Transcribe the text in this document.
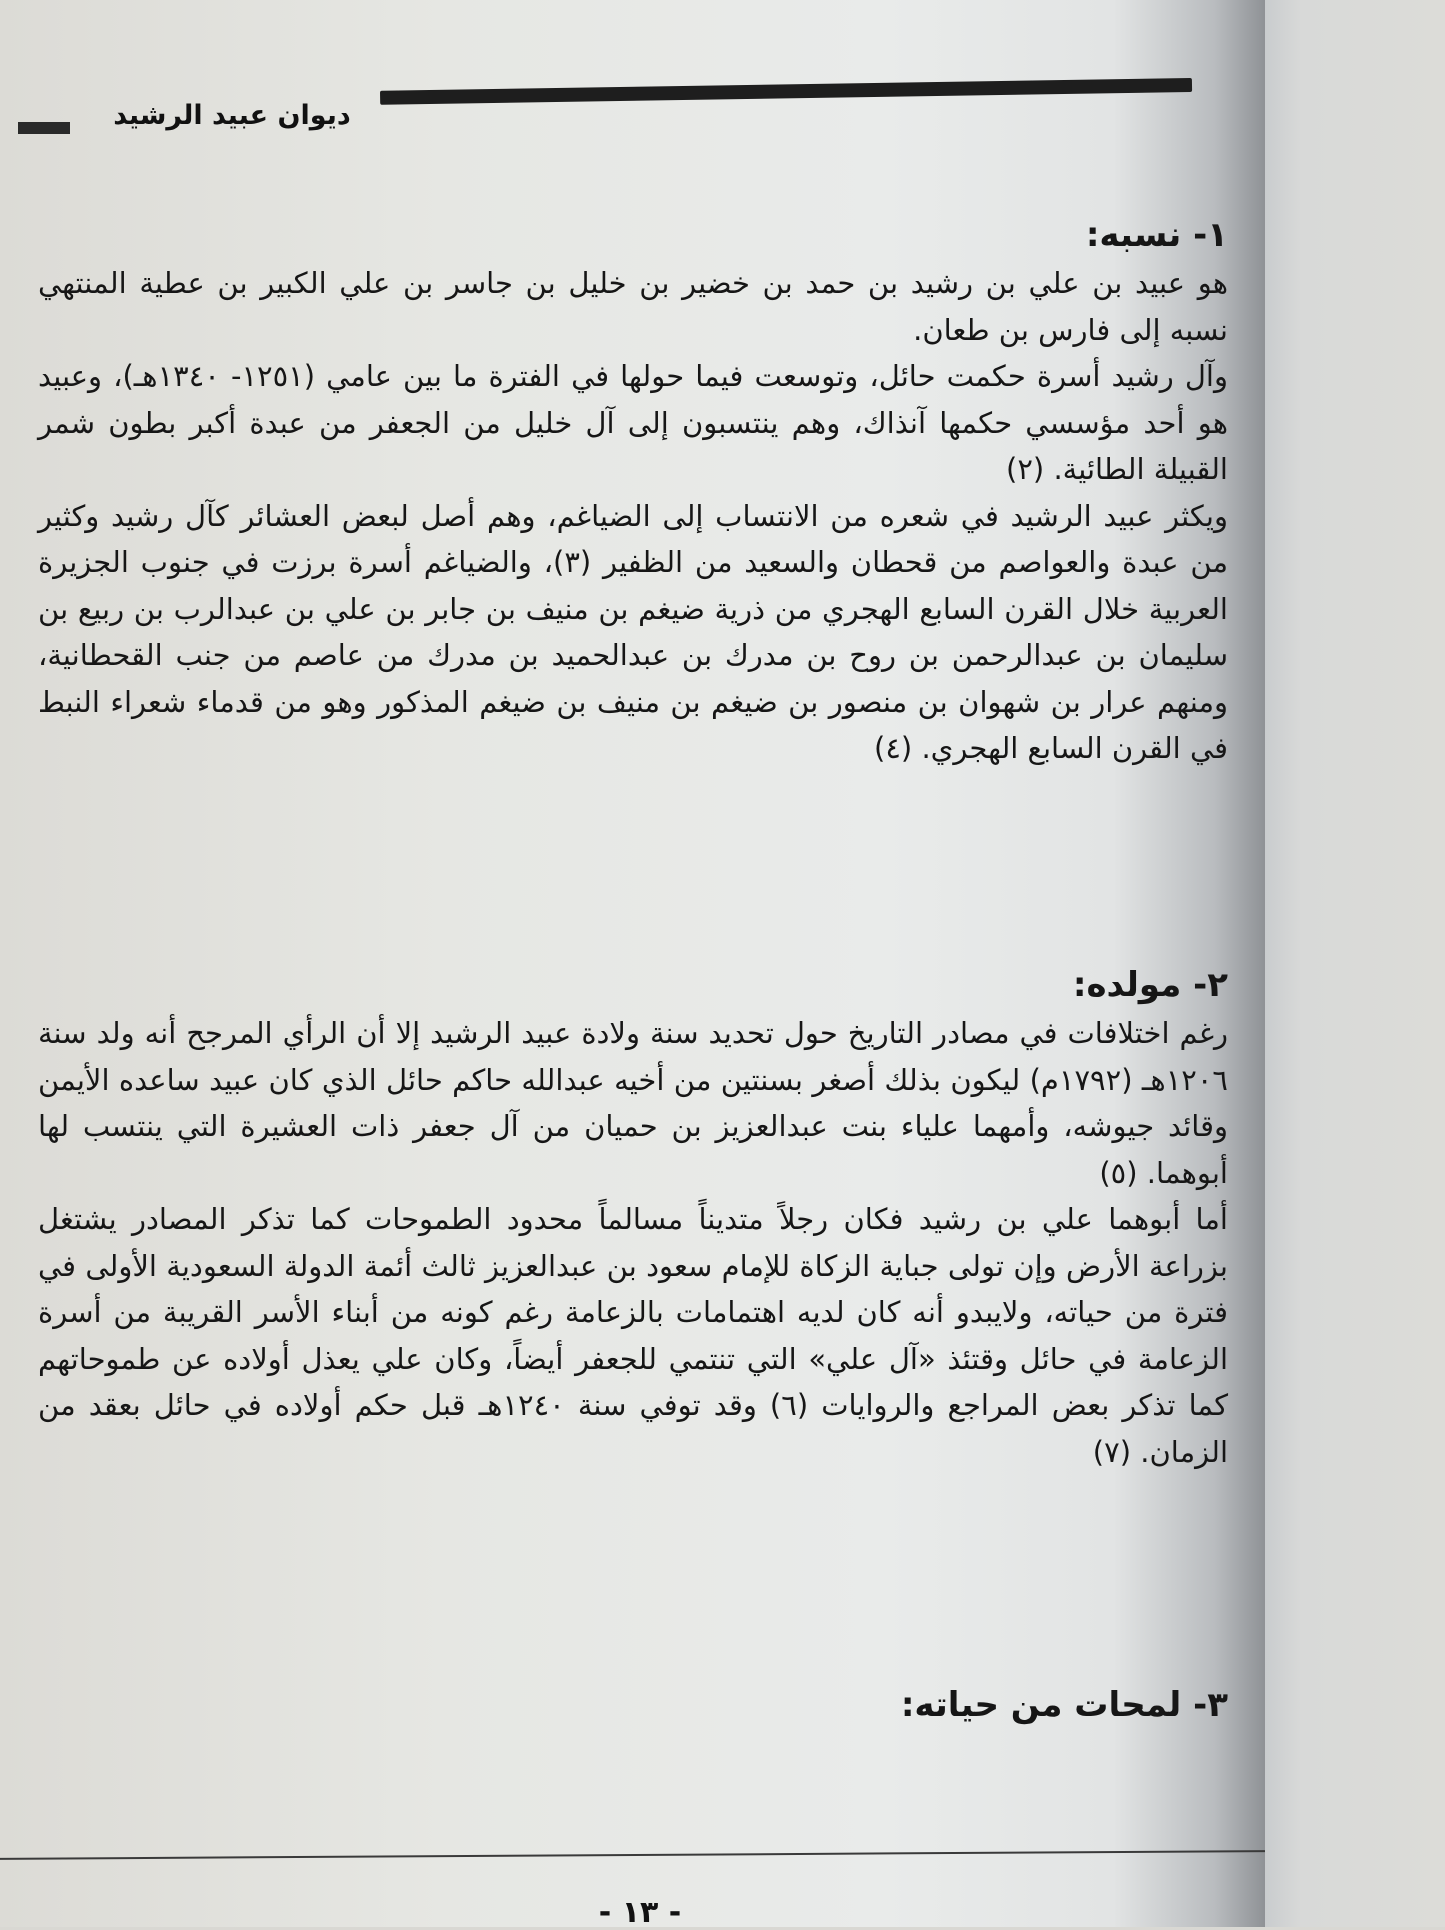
ديوان عبيد الرشيد
١- نسبه:

هو عبيد بن علي بن رشيد بن حمد بن خضير بن خليل بن جاسر بن علي الكبير بن عطية المنتهي نسبه إلى فارس بن طعان.

وآل رشيد أسرة حكمت حائل، وتوسعت فيما حولها في الفترة ما بين عامي (١٢٥١- ١٣٤٠هـ)، وعبيد هو أحد مؤسسي حكمها آنذاك، وهم ينتسبون إلى آل خليل من الجعفر من عبدة أكبر بطون شمر القبيلة الطائية. (٢)

ويكثر عبيد الرشيد في شعره من الانتساب إلى الضياغم، وهم أصل لبعض العشائر كآل رشيد وكثير من عبدة والعواصم من قحطان والسعيد من الظفير (٣)، والضياغم أسرة برزت في جنوب الجزيرة العربية خلال القرن السابع الهجري من ذرية ضيغم بن منيف بن جابر بن علي بن عبدالرب بن ربيع بن سليمان بن عبدالرحمن بن روح بن مدرك بن عبدالحميد بن مدرك من عاصم من جنب القحطانية، ومنهم عرار بن شهوان بن منصور بن ضيغم بن منيف بن ضيغم المذكور وهو من قدماء شعراء النبط في القرن السابع الهجري. (٤)

٢- مولده:

رغم اختلافات في مصادر التاريخ حول تحديد سنة ولادة عبيد الرشيد إلا أن الرأي المرجح أنه ولد سنة ١٢٠٦هـ (١٧٩٢م) ليكون بذلك أصغر بسنتين من أخيه عبدالله حاكم حائل الذي كان عبيد ساعده الأيمن وقائد جيوشه، وأمهما علياء بنت عبدالعزيز بن حميان من آل جعفر ذات العشيرة التي ينتسب لها أبوهما. (٥)

أما أبوهما علي بن رشيد فكان رجلاً متديناً مسالماً محدود الطموحات كما تذكر المصادر يشتغل بزراعة الأرض وإن تولى جباية الزكاة للإمام سعود بن عبدالعزيز ثالث أئمة الدولة السعودية الأولى في فترة من حياته، ولايبدو أنه كان لديه اهتمامات بالزعامة رغم كونه من أبناء الأسر القريبة من أسرة الزعامة في حائل وقتئذ «آل علي» التي تنتمي للجعفر أيضاً، وكان علي يعذل أولاده عن طموحاتهم كما تذكر بعض المراجع والروايات (٦) وقد توفي سنة ١٢٤٠هـ قبل حكم أولاده في حائل بعقد من الزمان. (٧)

٣- لمحات من حياته:
- ١٣ -
